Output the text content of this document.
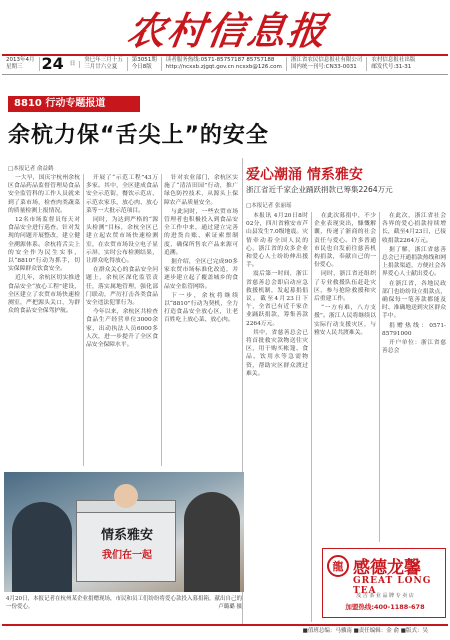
农村信息报
2013年4月
星期三	24	日
癸巳年三月十五
三月廿六立夏
第3051期
今日8版
读者服务热线:0571-85757187 85757188
http://ncxxb.zjgqt.gov.cn ncxxb@126.com
浙江省农民信息报社有限公司
国内统一刊号:CN33-0031
农村信息报社出版
邮发代号:31-31
8810 行动专题报道
余杭力保“舌尖上”的安全
□本报记者 俞益鹤

一大早，国庆宇杭州余杭区食品药品监督管理局食品安全监管科的工作人员就来到了菜市场，检查肉类蔬菜的质量检测上报情况。

12名市场监督员每天对食品安全进行巡查，针对发现的问题开展整改，建立健全溯源体系。余杭将舌尖上的安全作为民生实事，以“8810”行动为抓手，切实保障群众饮食安全。

近几年，余杭区切实推进食品安全“放心工程”建设，全区建立了农贸市场快速检测室，严把源头关口，为群众的食品安全保驾护航。

开展了“示范工程”43万多家。其中，全区建成食品安全示范街，餐饮示范店，示范农家乐，放心肉、放心菜等一大批示范项目。

同时，为达到严格的“源头检测”目标，余杭全区已建立起农贸市场快速检测室，在农贸市场设立电子显示屏，实时公布检测结果，让群众吃得放心。

在群众关心的食品安全问题上，余杭区深化监管责任，落实属地管理，强化部门联动，严厉打击各类食品安全违法犯罪行为。

今年以来，余杭区共检查食品生产经营单位3000余家，出动执法人员6000多人次，进一步提升了全区食品安全保障水平。

针对农业部门，余杭区实施了“清洁田园”行动，推广绿色防控技术，从源头上保障农产品质量安全。

与此同时，一些农贸市场管理者也积极投入到食品安全工作中来，通过建立完善的进货台账、索证索票制度，确保所售农产品来源可追溯。

据介绍，全区已完成90多家农贸市场标准化改造，并逐步建立起了覆盖城乡的食品安全监管网络。

下一步，余杭将继续以“8810”行动为契机，全力打造食品安全放心区，让老百姓吃上放心菜、放心肉。

爱心潮涌 情系雅安
浙江省近千家企业踊跃捐款已筹集2264万元
□本报记者 张丽瑶

本报讯 4月20日8时02分，四川省雅安市芦山县发生7.0级地震。灾情牵动着全国人民的心，浙江省的众多企业和爱心人士纷纷伸出援手。

震后第一时间，浙江省慈善总会即启动应急救援机制，发起募捐倡议。截至4月23日下午，全省已有近千家企业踊跃捐款，筹集善款2264万元。

其中，省慈善总会已将首批救灾款物送往灾区，用于购买帐篷、食品、饮用水等急需物资，帮助灾区群众渡过难关。

在此次募捐中，不少企业表现突出，慷慨解囊，传递了浙商的社会责任与爱心。许多普通市民也自发前往慈善机构捐款，奉献自己的一份爱心。

同时，浙江省还组织了专业救援队伍赶赴灾区，参与抢险救援和灾后重建工作。

“一方有难，八方支援”。浙江人民将继续以实际行动支援灾区，与雅安人民共渡难关。

在此次，浙江省社会各界的爱心捐款持续增长，截至4月23日，已接收捐款2264万元。

据了解，浙江省慈善总会已开通捐款热线和网上捐款渠道，方便社会各界爱心人士献出爱心。

在浙江省，各地民政部门也纷纷设立捐款点，确保每一笔善款都能及时、准确地送到灾区群众手中。

捐赠热线：0571-85791000

开户单位：浙江省慈善总会

情系雅安
我们在一起
4月20日，本报记者在杭州某企业捐赠现场，市民和员工们纷纷将爱心款投入募捐箱，献出自己的一份爱心。	卢璐璐 摄
龍 感德龙馨
GREAT LONG TEA
茂 吉 茶 业 品 牌 专 卖 店
加盟热线:400-1188-678
■值班总编：马骥南 ■责任编辑：金 俞 ■版式：吴
